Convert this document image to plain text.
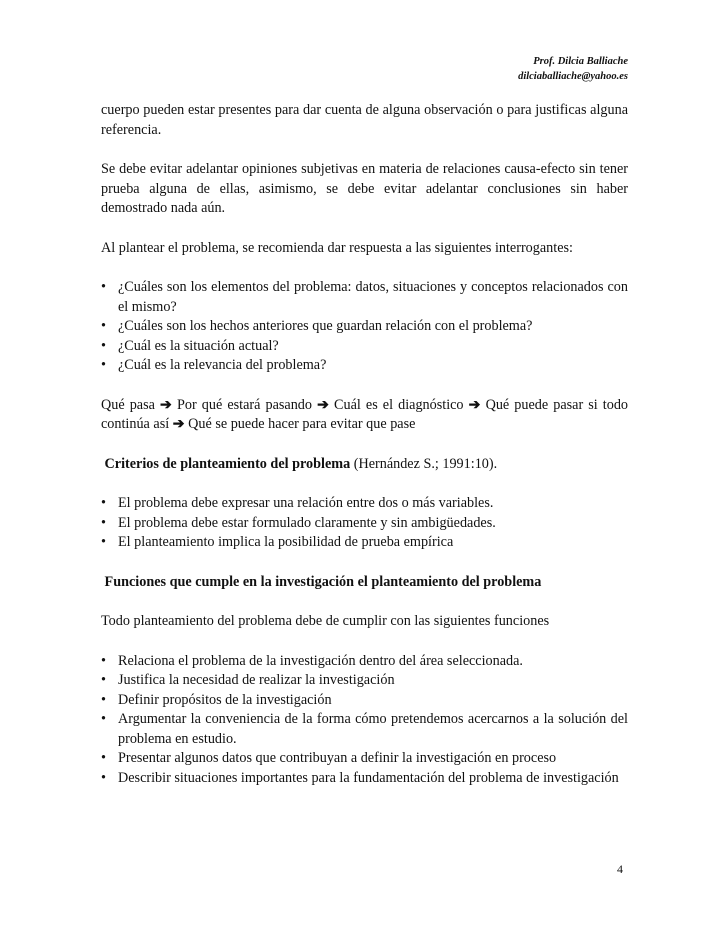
Prof. Dilcia Balliache
dilciaballiache@yahoo.es

cuerpo pueden estar presentes para dar cuenta de alguna observación o para justificas alguna referencia.

Se debe evitar adelantar opiniones subjetivas en materia de relaciones causa-efecto sin tener prueba alguna de ellas, asimismo, se debe evitar adelantar conclusiones sin haber demostrado nada aún.

Al plantear el problema, se recomienda dar respuesta a las siguientes interrogantes:

• ¿Cuáles son los elementos del problema: datos, situaciones y conceptos relacionados con el mismo?
• ¿Cuáles son los hechos anteriores que guardan relación con el problema?
• ¿Cuál es la situación actual?
• ¿Cuál es la relevancia del problema?

Qué pasa ➔ Por qué estará pasando ➔ Cuál es el diagnóstico ➔ Qué puede pasar si todo continúa así ➔ Qué se puede hacer para evitar que pase

Criterios de planteamiento del problema (Hernández S.; 1991:10).

• El problema debe expresar una relación entre dos o más variables.
• El problema debe estar formulado claramente y sin ambigüedades.
• El planteamiento implica la posibilidad de prueba empírica

Funciones que cumple en la investigación el planteamiento del problema

Todo planteamiento del problema debe de cumplir con las siguientes funciones

• Relaciona el problema de la investigación dentro del área seleccionada.
• Justifica la necesidad de realizar la investigación
• Definir propósitos de la investigación
• Argumentar la conveniencia de la forma cómo pretendemos acercarnos a la solución del problema en estudio.
• Presentar algunos datos que contribuyan a definir la investigación en proceso
• Describir situaciones importantes para la fundamentación del problema de investigación
4
